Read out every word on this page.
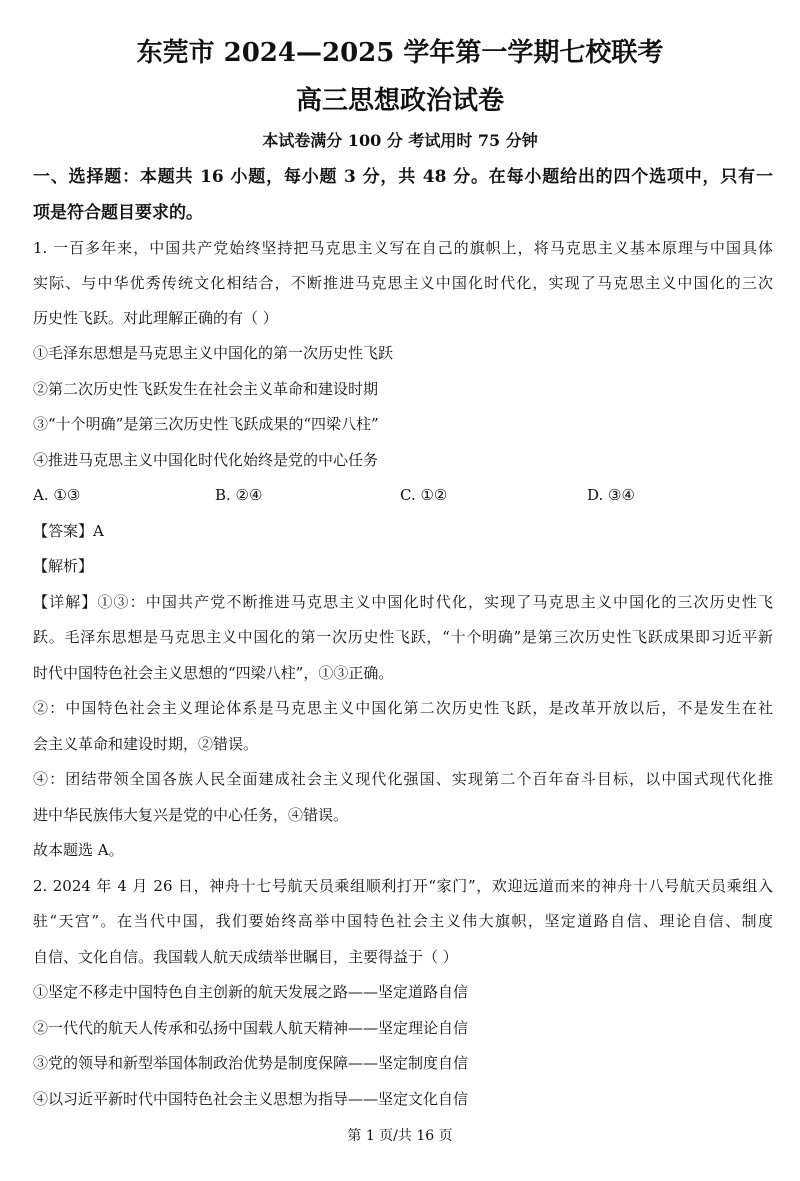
东莞市 2024—2025 学年第一学期七校联考
高三思想政治试卷
本试卷满分 100 分 考试用时 75 分钟
一、选择题：本题共 16 小题，每小题 3 分，共 48 分。在每小题给出的四个选项中，只有一
项是符合题目要求的。
1. 一百多年来，中国共产党始终坚持把马克思主义写在自己的旗帜上，将马克思主义基本原理与中国具体
实际、与中华优秀传统文化相结合，不断推进马克思主义中国化时代化，实现了马克思主义中国化的三次
历史性飞跃。对此理解正确的有（ ）
①毛泽东思想是马克思主义中国化的第一次历史性飞跃
②第二次历史性飞跃发生在社会主义革命和建设时期
③“十个明确”是第三次历史性飞跃成果的“四梁八柱”
④推进马克思主义中国化时代化始终是党的中心任务
A. ①③	B. ②④	C. ①②	D. ③④
【答案】A
【解析】
【详解】①③：中国共产党不断推进马克思主义中国化时代化，实现了马克思主义中国化的三次历史性飞
跃。毛泽东思想是马克思主义中国化的第一次历史性飞跃，“十个明确”是第三次历史性飞跃成果即习近平新
时代中国特色社会主义思想的“四梁八柱”，①③正确。
②：中国特色社会主义理论体系是马克思主义中国化第二次历史性飞跃，是改革开放以后，不是发生在社
会主义革命和建设时期，②错误。
④：团结带领全国各族人民全面建成社会主义现代化强国、实现第二个百年奋斗目标，以中国式现代化推
进中华民族伟大复兴是党的中心任务，④错误。
故本题选 A。
2. 2024 年 4 月 26 日，神舟十七号航天员乘组顺利打开“家门”，欢迎远道而来的神舟十八号航天员乘组入
驻“天宫”。在当代中国，我们要始终高举中国特色社会主义伟大旗帜，坚定道路自信、理论自信、制度
自信、文化自信。我国载人航天成绩举世瞩目，主要得益于（ ）
①坚定不移走中国特色自主创新的航天发展之路——坚定道路自信
②一代代的航天人传承和弘扬中国载人航天精神——坚定理论自信
③党的领导和新型举国体制政治优势是制度保障——坚定制度自信
④以习近平新时代中国特色社会主义思想为指导——坚定文化自信
第 1 页/共 16 页
